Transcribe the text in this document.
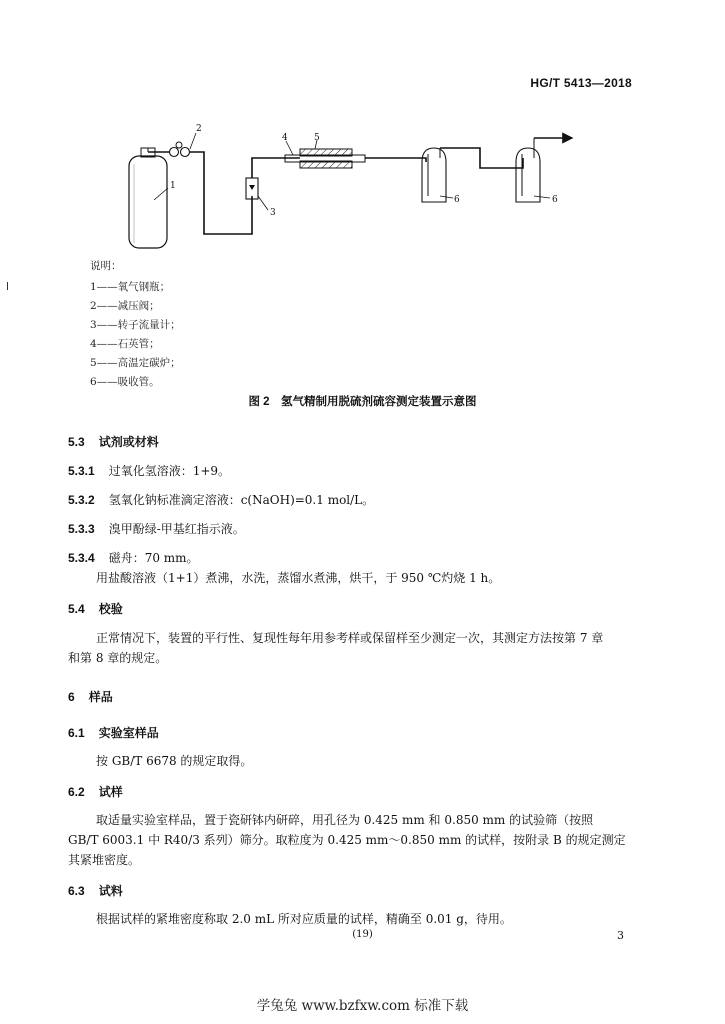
HG/T 5413—2018
1
2
3
4	5
6	6
说明：
1——氧气钢瓶；
2——减压阀；
3——转子流量计；
4——石英管；
5——高温定碳炉；
6——吸收管。
图 2　氢气精制用脱硫剂硫容测定装置示意图
5.3 试剂或材料
5.3.1 过氧化氢溶液：1+9。
5.3.2 氢氧化钠标准滴定溶液：c(NaOH)=0.1 mol/L。
5.3.3 溴甲酚绿-甲基红指示液。
5.3.4 磁舟：70 mm。
用盐酸溶液（1+1）煮沸，水洗，蒸馏水煮沸，烘干，于 950 ℃灼烧 1 h。
5.4 校验
正常情况下，装置的平行性、复现性每年用参考样或保留样至少测定一次，其测定方法按第 7 章
和第 8 章的规定。
6 样品
6.1 实验室样品
按 GB/T 6678 的规定取得。
6.2 试样
取适量实验室样品，置于瓷研钵内研碎，用孔径为 0.425 mm 和 0.850 mm 的试验筛（按照
GB/T 6003.1 中 R40/3 系列）筛分。取粒度为 0.425 mm～0.850 mm 的试样，按附录 B 的规定测定
其紧堆密度。
6.3 试料
根据试样的紧堆密度称取 2.0 mL 所对应质量的试样，精确至 0.01 g，待用。
(19)	3
学兔兔 www.bzfxw.com 标准下载
